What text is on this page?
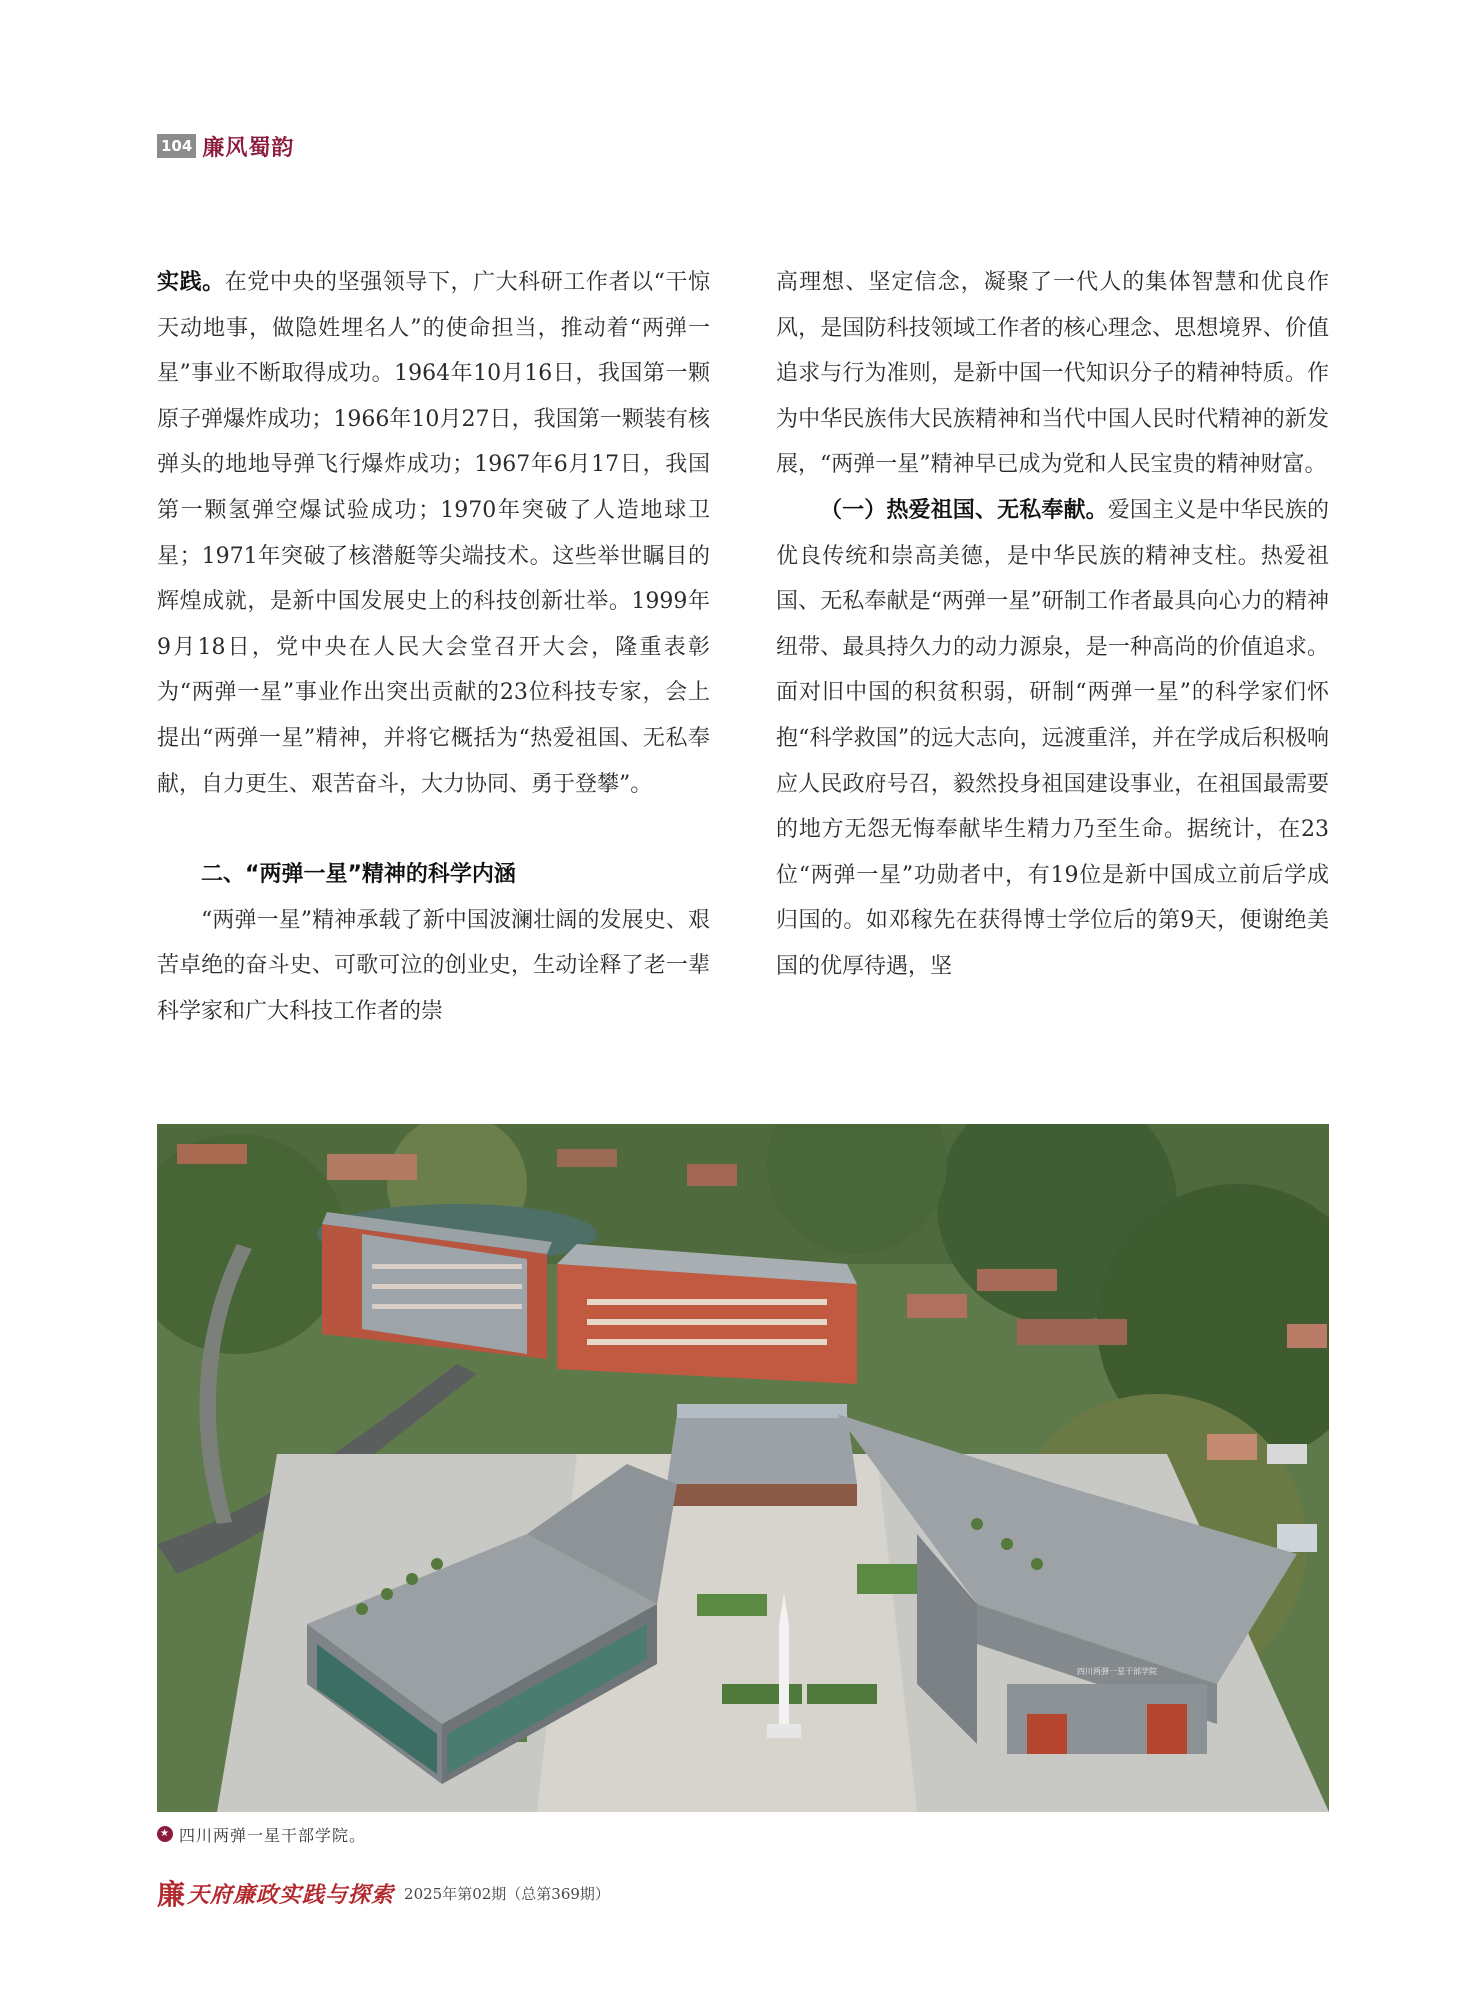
104 廉风蜀韵

实践。在党中央的坚强领导下，广大科研工作者以“干惊天动地事，做隐姓埋名人”的使命担当，推动着“两弹一星”事业不断取得成功。1964年10月16日，我国第一颗原子弹爆炸成功；1966年10月27日，我国第一颗装有核弹头的地地导弹飞行爆炸成功；1967年6月17日，我国第一颗氢弹空爆试验成功；1970年突破了人造地球卫星；1971年突破了核潜艇等尖端技术。这些举世瞩目的辉煌成就，是新中国发展史上的科技创新壮举。1999年9月18日，党中央在人民大会堂召开大会，隆重表彰为“两弹一星”事业作出突出贡献的23位科技专家，会上提出“两弹一星”精神，并将它概括为“热爱祖国、无私奉献，自力更生、艰苦奋斗，大力协同、勇于登攀”。

二、“两弹一星”精神的科学内涵

“两弹一星”精神承载了新中国波澜壮阔的发展史、艰苦卓绝的奋斗史、可歌可泣的创业史，生动诠释了老一辈科学家和广大科技工作者的崇

高理想、坚定信念，凝聚了一代人的集体智慧和优良作风，是国防科技领域工作者的核心理念、思想境界、价值追求与行为准则，是新中国一代知识分子的精神特质。作为中华民族伟大民族精神和当代中国人民时代精神的新发展，“两弹一星”精神早已成为党和人民宝贵的精神财富。

（一）热爱祖国、无私奉献。爱国主义是中华民族的优良传统和崇高美德，是中华民族的精神支柱。热爱祖国、无私奉献是“两弹一星”研制工作者最具向心力的精神纽带、最具持久力的动力源泉，是一种高尚的价值追求。面对旧中国的积贫积弱，研制“两弹一星”的科学家们怀抱“科学救国”的远大志向，远渡重洋，并在学成后积极响应人民政府号召，毅然投身祖国建设事业，在祖国最需要的地方无怨无悔奉献毕生精力乃至生命。据统计，在23位“两弹一星”功勋者中，有19位是新中国成立前后学成归国的。如邓稼先在获得博士学位后的第9天，便谢绝美国的优厚待遇，坚

四川两弹一星干部学院
★ 四川两弹一星干部学院。
廉 天府廉政实践与探索 2025年第02期（总第369期）
